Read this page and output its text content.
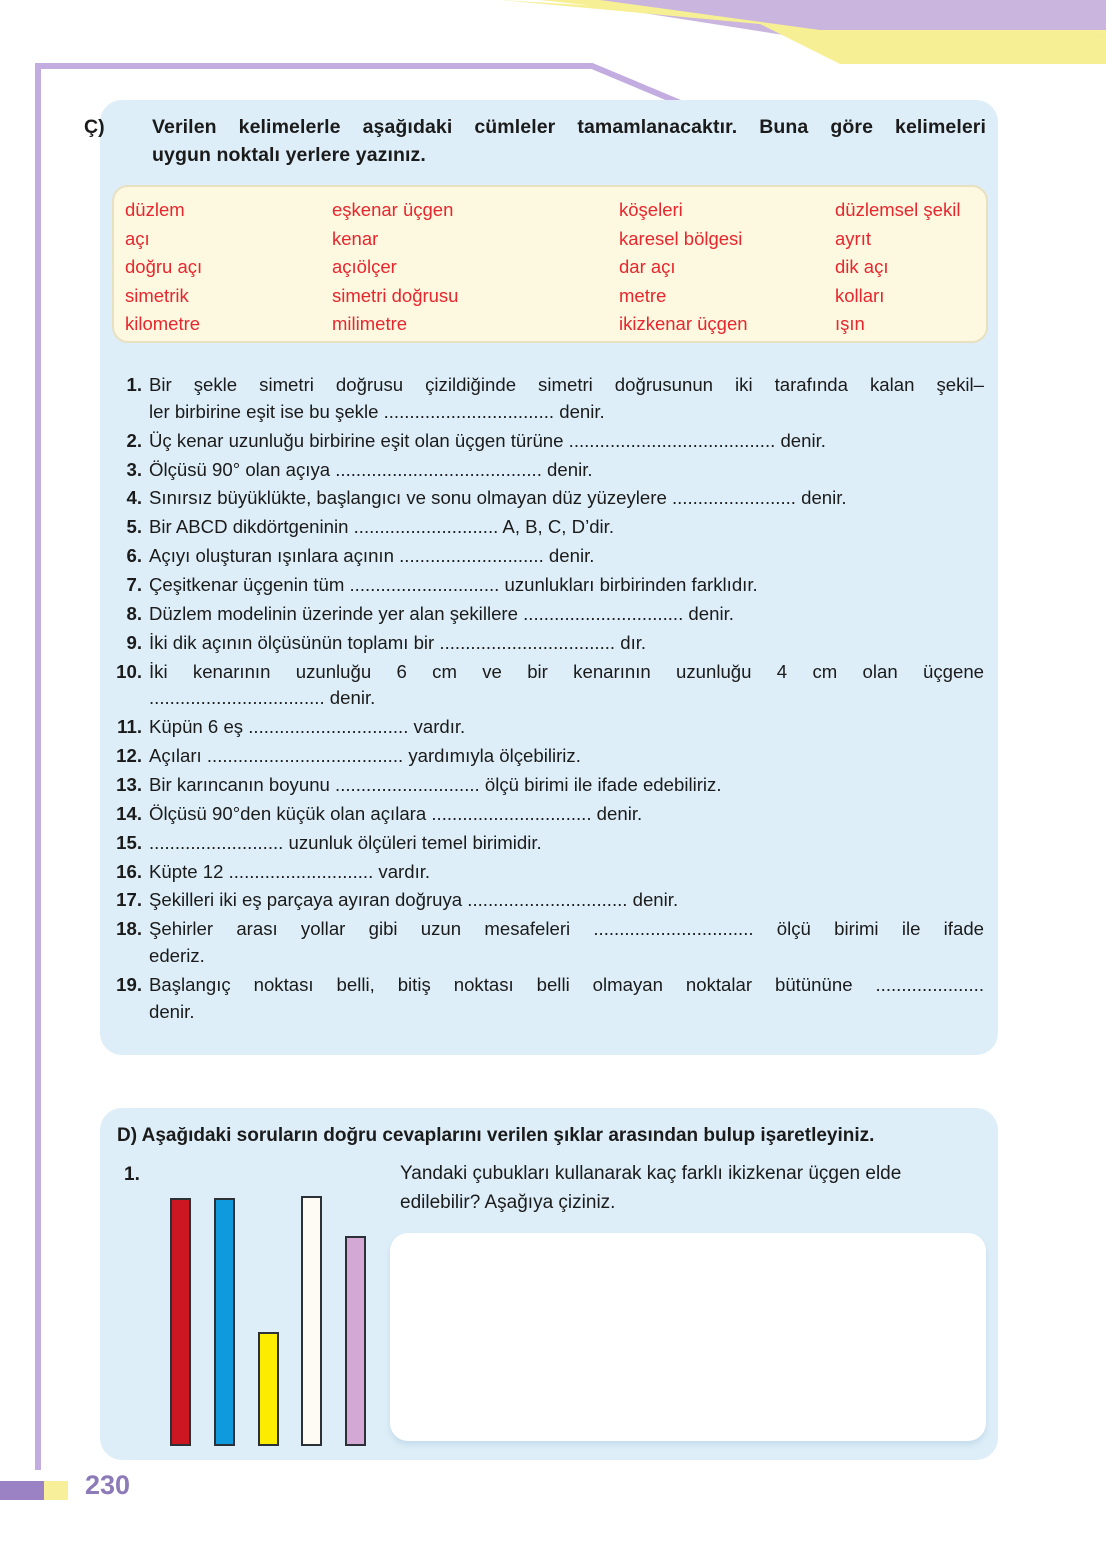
Ç) Verilen kelimelerle aşağıdaki cümleler tamamlanacaktır. Buna göre kelimeleri
uygun noktalı yerlere yazınız.
düzlem	eşkenar üçgen	köşeleri	düzlemsel şekil
açı	kenar	karesel bölgesi	ayrıt
doğru açı	açıölçer	dar açı	dik açı
simetrik	simetri doğrusu	metre	kolları
kilometre	milimetre	ikizkenar üçgen	ışın
1. Bir şekle simetri doğrusu çizildiğinde simetri doğrusunun iki tarafında kalan şekil–
ler birbirine eşit ise bu şekle ................................. denir.
2. Üç kenar uzunluğu birbirine eşit olan üçgen türüne ........................................ denir.
3. Ölçüsü 90° olan açıya ........................................ denir.
4. Sınırsız büyüklükte, başlangıcı ve sonu olmayan düz yüzeylere ........................ denir.
5. Bir ABCD dikdörtgeninin ............................ A, B, C, D’dir.
6. Açıyı oluşturan ışınlara açının ............................ denir.
7. Çeşitkenar üçgenin tüm ............................. uzunlukları birbirinden farklıdır.
8. Düzlem modelinin üzerinde yer alan şekillere ............................... denir.
9. İki dik açının ölçüsünün toplamı bir .................................. dır.
10. İki kenarının uzunluğu 6 cm ve bir kenarının uzunluğu 4 cm olan üçgene
.................................. denir.
11. Küpün 6 eş ............................... vardır.
12. Açıları ...................................... yardımıyla ölçebiliriz.
13. Bir karıncanın boyunu ............................ ölçü birimi ile ifade edebiliriz.
14. Ölçüsü 90°den küçük olan açılara ............................... denir.
15. .......................... uzunluk ölçüleri temel birimidir.
16. Küpte 12 ............................ vardır.
17. Şekilleri iki eş parçaya ayıran doğruya ............................... denir.
18. Şehirler arası yollar gibi uzun mesafeleri ............................... ölçü birimi ile ifade
ederiz.
19. Başlangıç noktası belli, bitiş noktası belli olmayan noktalar bütününe .....................
denir.
D) Aşağıdaki soruların doğru cevaplarını verilen şıklar arasından bulup işaretleyiniz.
1.	Yandaki çubukları kullanarak kaç farklı ikizkenar üçgen elde edilebilir? Aşağıya çiziniz.
230
